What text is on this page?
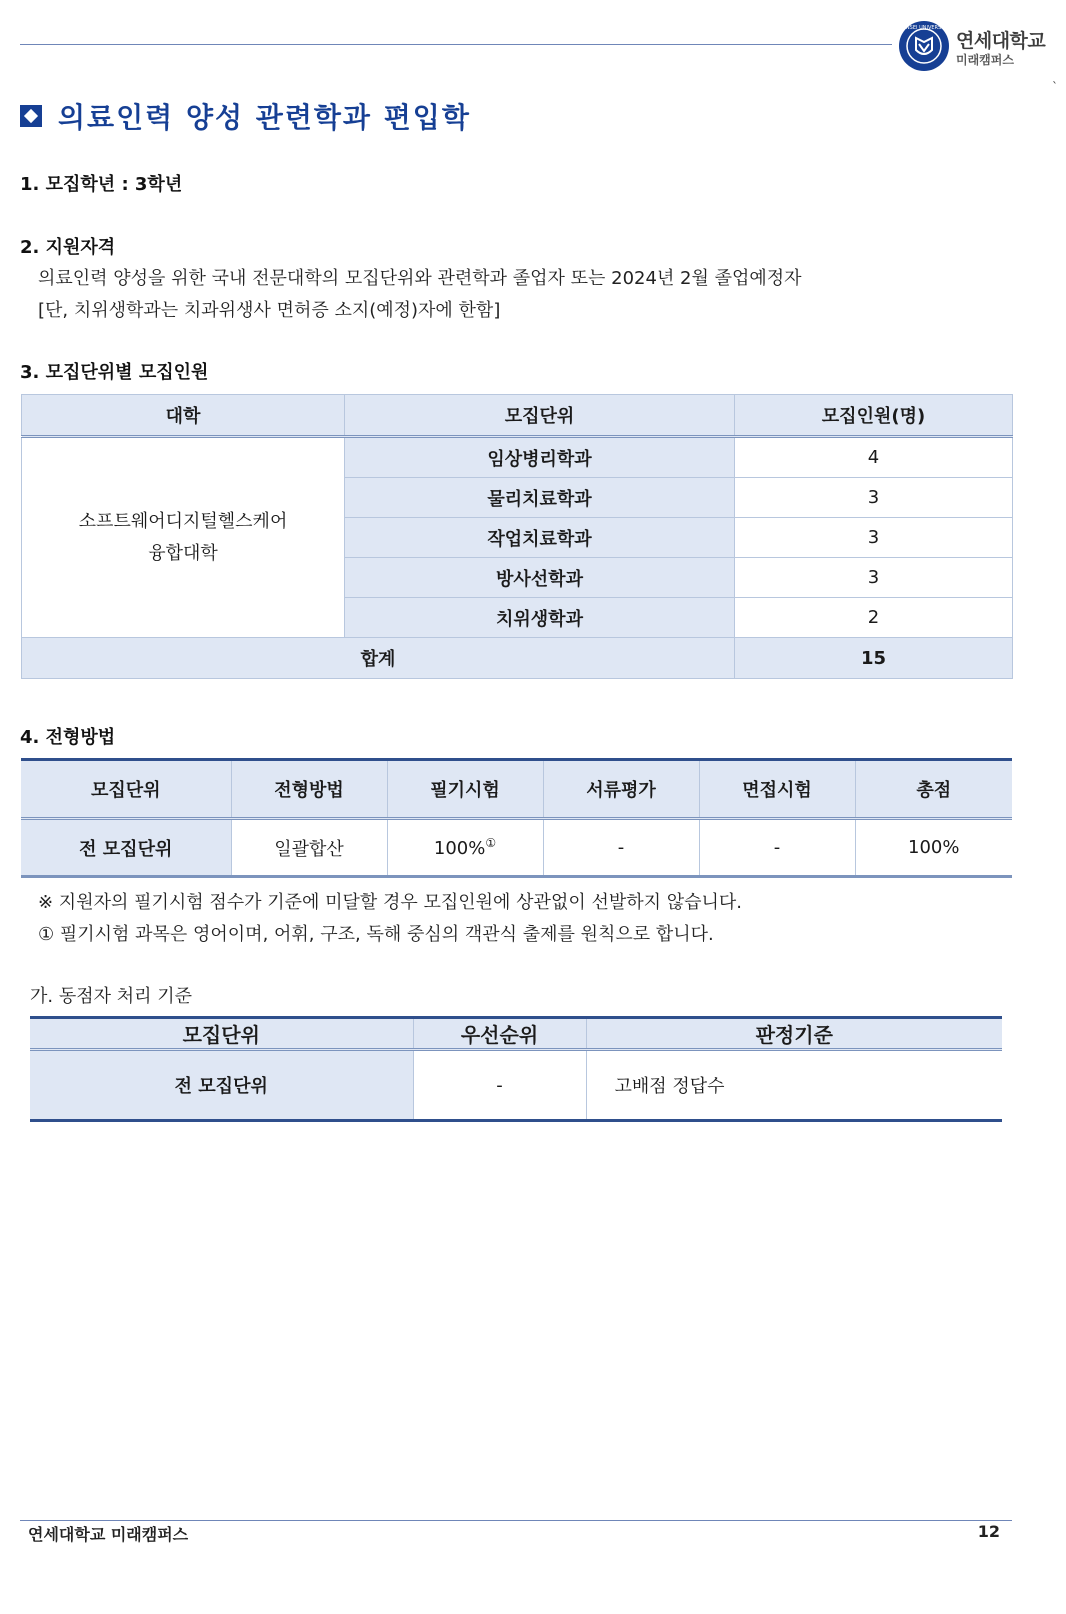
YONSEI UNIVERSITY
연세대학교
미래캠퍼스
`
의료인력 양성 관련학과 편입학
1. 모집학년 : 3학년
2. 지원자격
의료인력 양성을 위한 국내 전문대학의 모집단위와 관련학과 졸업자 또는 2024년 2월 졸업예정자
[단, 치위생학과는 치과위생사 면허증 소지(예정)자에 한함]
3. 모집단위별 모집인원
대학	모집단위	모집인원(명)

소프트웨어디지털헬스케어
융합대학	임상병리학과	4
	물리치료학과	3
	작업치료학과	3
	방사선학과	3
	치위생학과	2
합계		15
4. 전형방법
모집단위	전형방법	필기시험	서류평가	면접시험	총점
전 모집단위	일괄합산	100%①	-	-	100%
※ 지원자의 필기시험 점수가 기준에 미달할 경우 모집인원에 상관없이 선발하지 않습니다.
① 필기시험 과목은 영어이며, 어휘, 구조, 독해 중심의 객관식 출제를 원칙으로 합니다.
가. 동점자 처리 기준
모집단위	우선순위	판정기준
전 모집단위	-	고배점 정답수
연세대학교 미래캠퍼스	12
